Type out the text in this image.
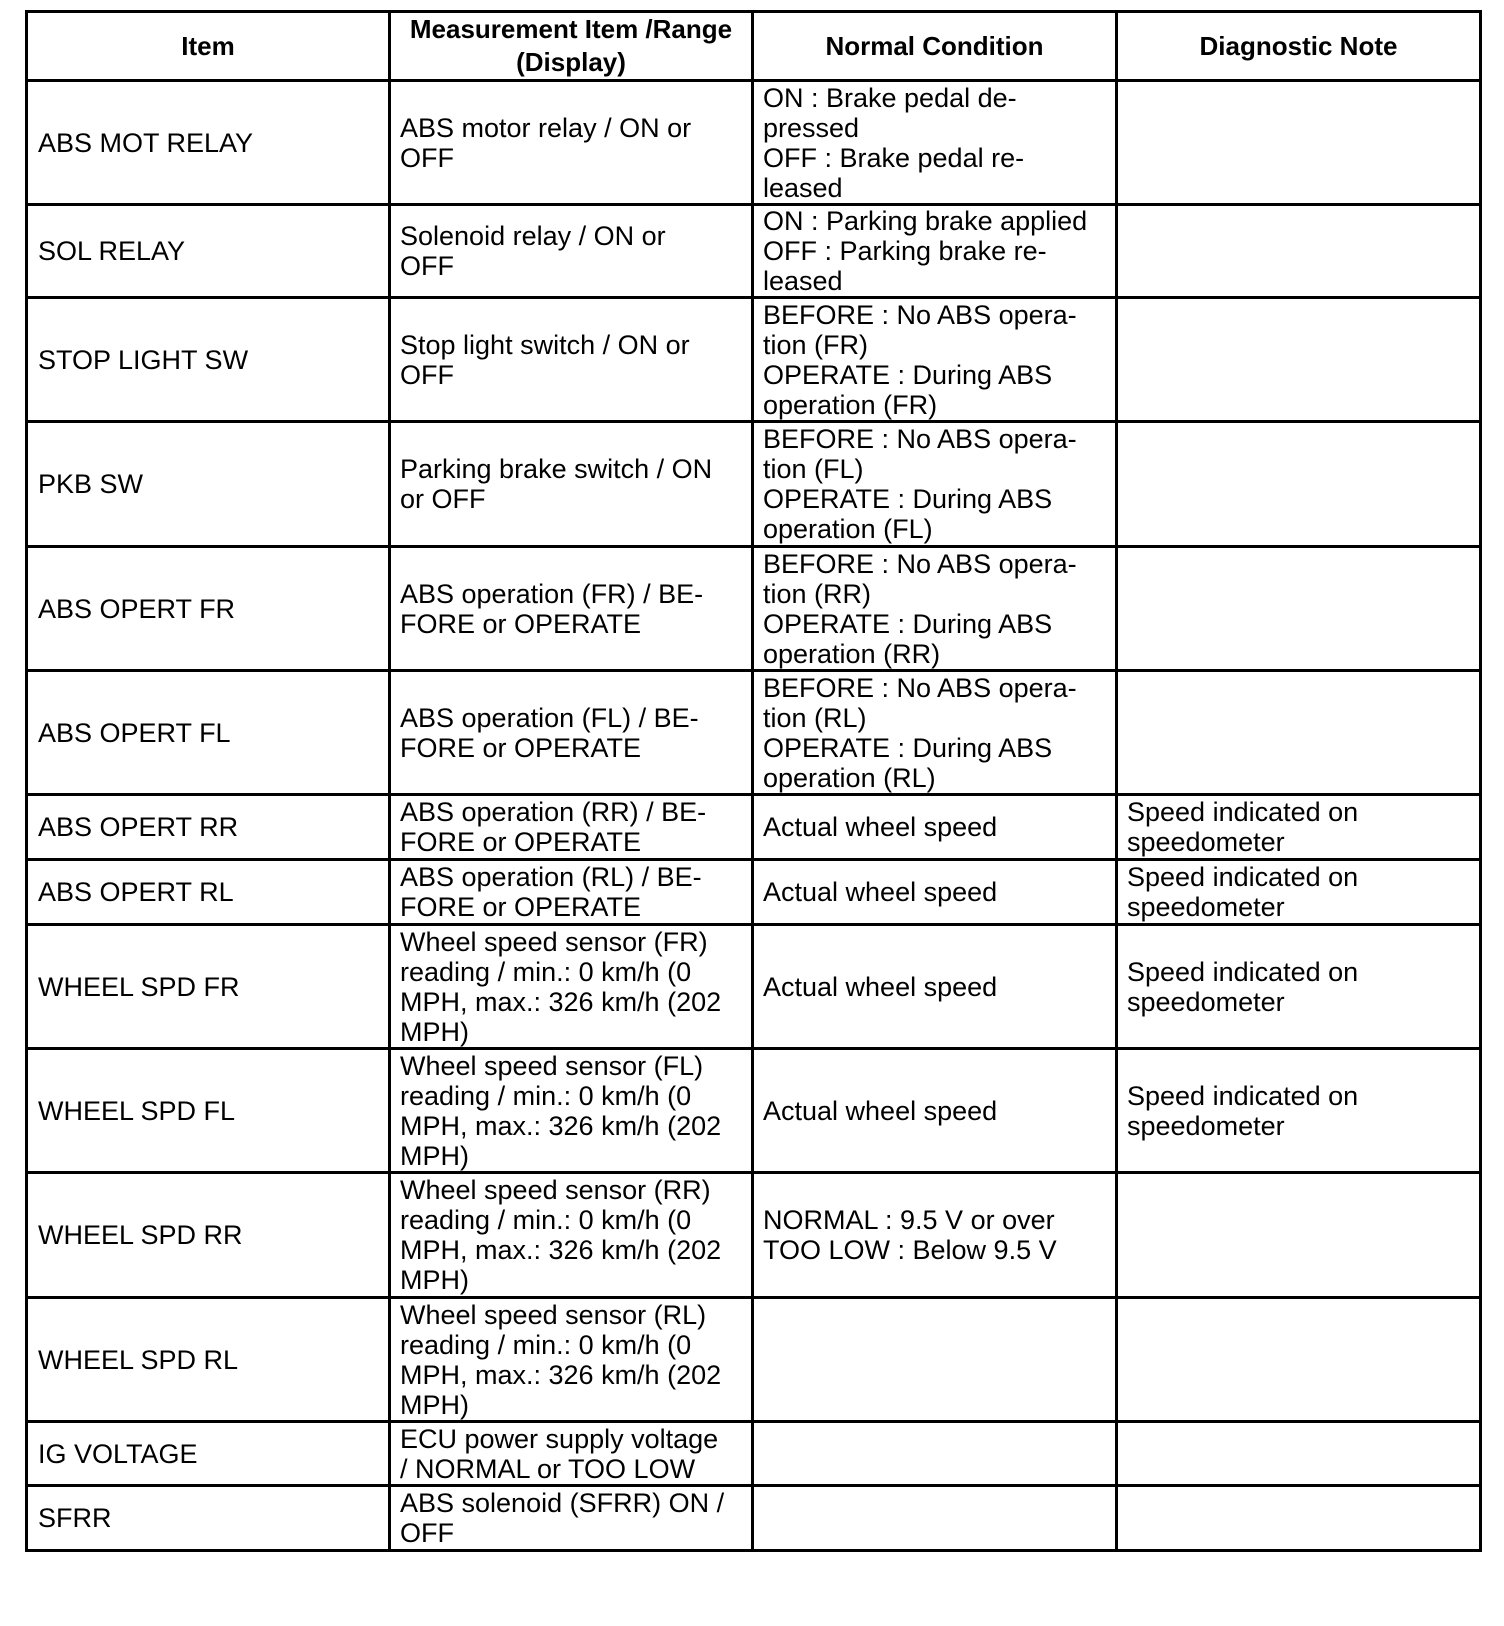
Item	Measurement Item /Range (Display)	Normal Condition	Diagnostic Note
ABS MOT RELAY	ABS motor relay / ON or
OFF	ON : Brake pedal de-
pressed
OFF : Brake pedal re-
leased	

SOL RELAY	Solenoid relay / ON or
OFF	ON : Parking brake applied
OFF : Parking brake re-
leased	

STOP LIGHT SW	Stop light switch / ON or
OFF	BEFORE : No ABS opera-
tion (FR)
OPERATE : During ABS
operation (FR)	

PKB SW	Parking brake switch / ON
or OFF	BEFORE : No ABS opera-
tion (FL)
OPERATE : During ABS
operation (FL)	

ABS OPERT FR	ABS operation (FR) / BE-
FORE or OPERATE	BEFORE : No ABS opera-
tion (RR)
OPERATE : During ABS
operation (RR)	

ABS OPERT FL	ABS operation (FL) / BE-
FORE or OPERATE	BEFORE : No ABS opera-
tion (RL)
OPERATE : During ABS
operation (RL)	

ABS OPERT RR	ABS operation (RR) / BE-
FORE or OPERATE	Actual wheel speed	Speed indicated on
speedometer

ABS OPERT RL	ABS operation (RL) / BE-
FORE or OPERATE	Actual wheel speed	Speed indicated on
speedometer

WHEEL SPD FR	Wheel speed sensor (FR)
reading / min.: 0 km/h (0
MPH, max.: 326 km/h (202
MPH)	Actual wheel speed	Speed indicated on
speedometer

WHEEL SPD FL	Wheel speed sensor (FL)
reading / min.: 0 km/h (0
MPH, max.: 326 km/h (202
MPH)	Actual wheel speed	Speed indicated on
speedometer

WHEEL SPD RR	Wheel speed sensor (RR)
reading / min.: 0 km/h (0
MPH, max.: 326 km/h (202
MPH)	NORMAL : 9.5 V or over
TOO LOW : Below 9.5 V	

WHEEL SPD RL	Wheel speed sensor (RL)
reading / min.: 0 km/h (0
MPH, max.: 326 km/h (202
MPH)		

IG VOLTAGE	ECU power supply voltage
/ NORMAL or TOO LOW		

SFRR	ABS solenoid (SFRR) ON /
OFF		
